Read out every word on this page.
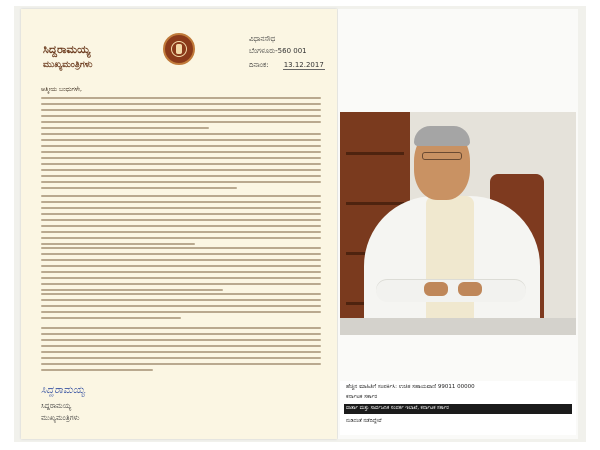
ಸಿದ್ದರಾಮಯ್ಯ
ಮುಖ್ಯಮಂತ್ರಿಗಳು
ವಿಧಾನಸೌಧ
ಬೆಂಗಳೂರು-560 001
ದಿನಾಂಕ: 13.12.2017
ಆತ್ಮೀಯ ಬಂಧುಗಳೇ,
ಸಿದ್ದರಾಮಯ್ಯ
ಸಿದ್ದರಾಮಯ್ಯ
ಮುಖ್ಯಮಂತ್ರಿಗಳು
ಹೆಚ್ಚಿನ ಮಾಹಿತಿಗೆ ಸಂಪರ್ಕಿಸಿ: ಉಚಿತ ಸಹಾಯವಾಣಿ 99011 00000
ಕರ್ನಾಟಕ ಸರ್ಕಾರ
ವಾರ್ತಾ ಮತ್ತು ಸಾರ್ವಜನಿಕ ಸಂಪರ್ಕ ಇಲಾಖೆ, ಕರ್ನಾಟಕ ಸರ್ಕಾರ
ನುಡಿದಂತೆ ನಡೆದಿದ್ದೇವೆ
